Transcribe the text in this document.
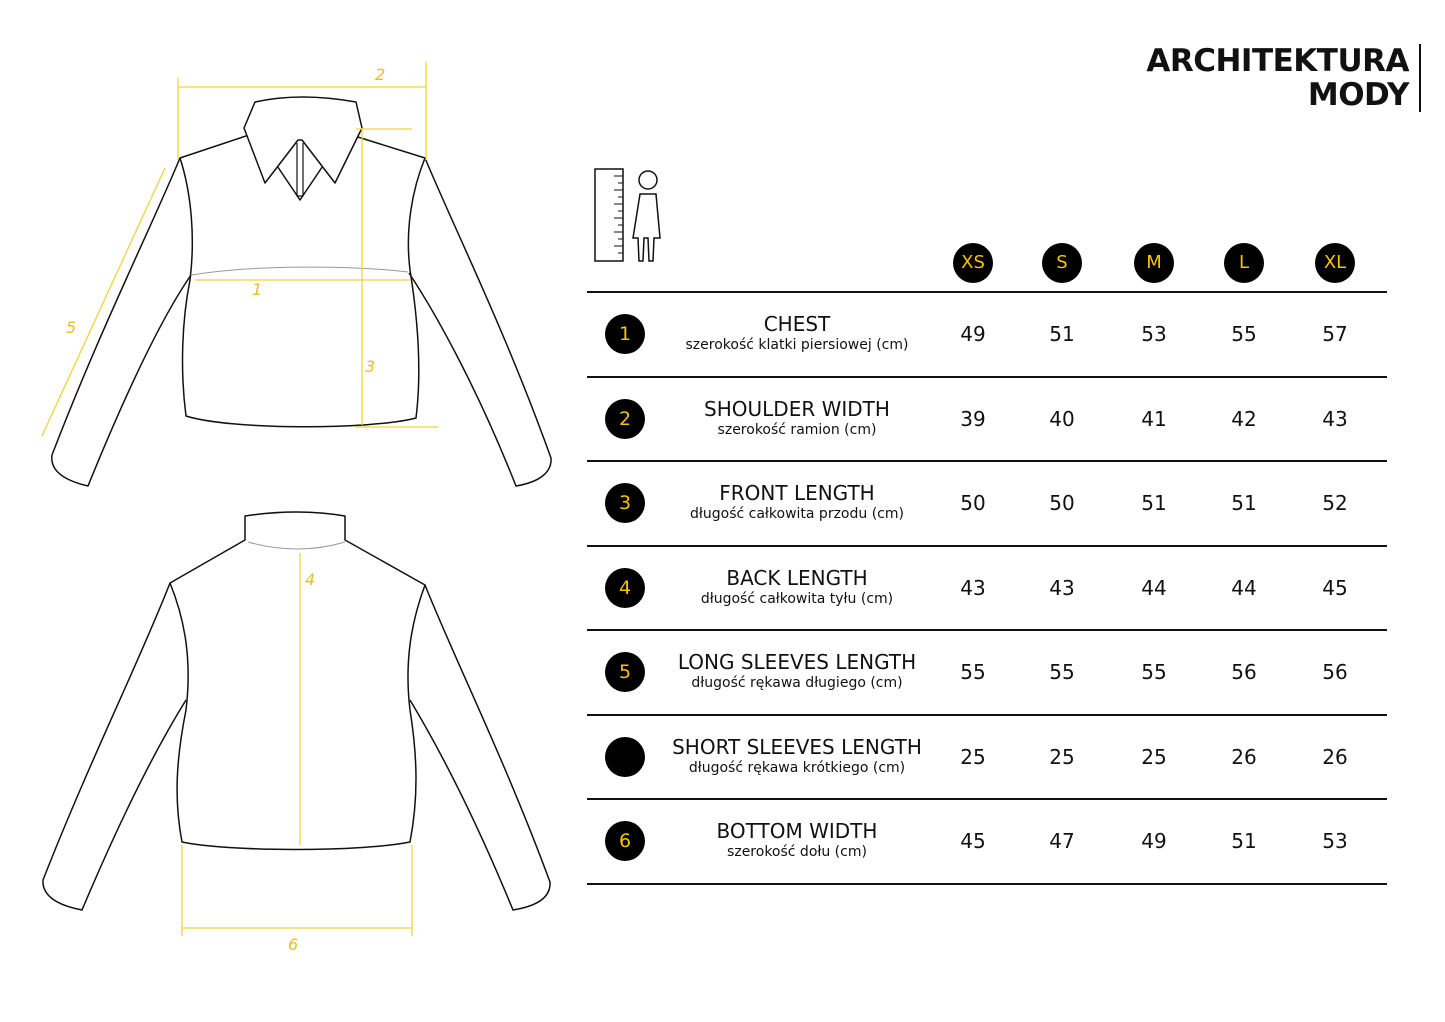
ARCHITEKTURA
MODY
2
1
3
5
4
6
XS	S	M	L	XL
1	CHEST
szerokość klatki piersiowej (cm)	49	51	53	55	57
2	SHOULDER WIDTH
szerokość ramion (cm)	39	40	41	42	43
3	FRONT LENGTH
długość całkowita przodu (cm)	50	50	51	51	52
4	BACK LENGTH
długość całkowita tyłu (cm)	43	43	44	44	45
5	LONG SLEEVES LENGTH
długość rękawa długiego (cm)	55	55	55	56	56
SHORT SLEEVES LENGTH
długość rękawa krótkiego (cm)	25	25	25	26	26
6	BOTTOM WIDTH
szerokość dołu (cm)	45	47	49	51	53
